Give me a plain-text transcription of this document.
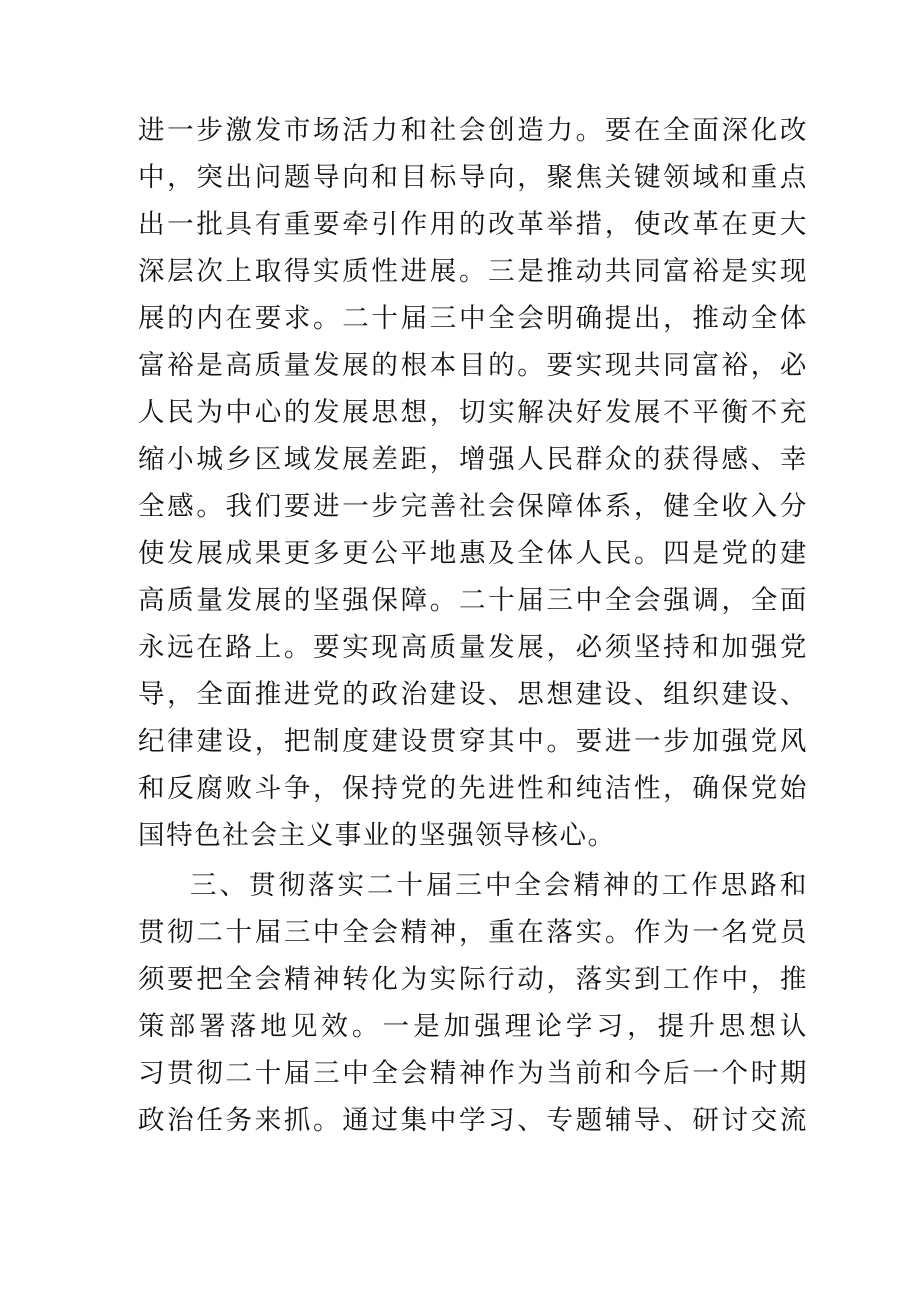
进一步激发市场活力和社会创造力。要在全面深化改
中，突出问题导向和目标导向，聚焦关键领域和重点
出一批具有重要牵引作用的改革举措，使改革在更大
深层次上取得实质性进展。三是推动共同富裕是实现
展的内在要求。二十届三中全会明确提出，推动全体
富裕是高质量发展的根本目的。要实现共同富裕，必
人民为中心的发展思想，切实解决好发展不平衡不充
缩小城乡区域发展差距，增强人民群众的获得感、幸
全感。我们要进一步完善社会保障体系，健全收入分
使发展成果更多更公平地惠及全体人民。四是党的建
高质量发展的坚强保障。二十届三中全会强调，全面
永远在路上。要实现高质量发展，必须坚持和加强党
导，全面推进党的政治建设、思想建设、组织建设、
纪律建设，把制度建设贯穿其中。要进一步加强党风
和反腐败斗争，保持党的先进性和纯洁性，确保党始
国特色社会主义事业的坚强领导核心。
三、贯彻落实二十届三中全会精神的工作思路和
贯彻二十届三中全会精神，重在落实。作为一名党员
须要把全会精神转化为实际行动，落实到工作中，推
策部署落地见效。一是加强理论学习，提升思想认
习贯彻二十届三中全会精神作为当前和今后一个时期
政治任务来抓。通过集中学习、专题辅导、研讨交流
